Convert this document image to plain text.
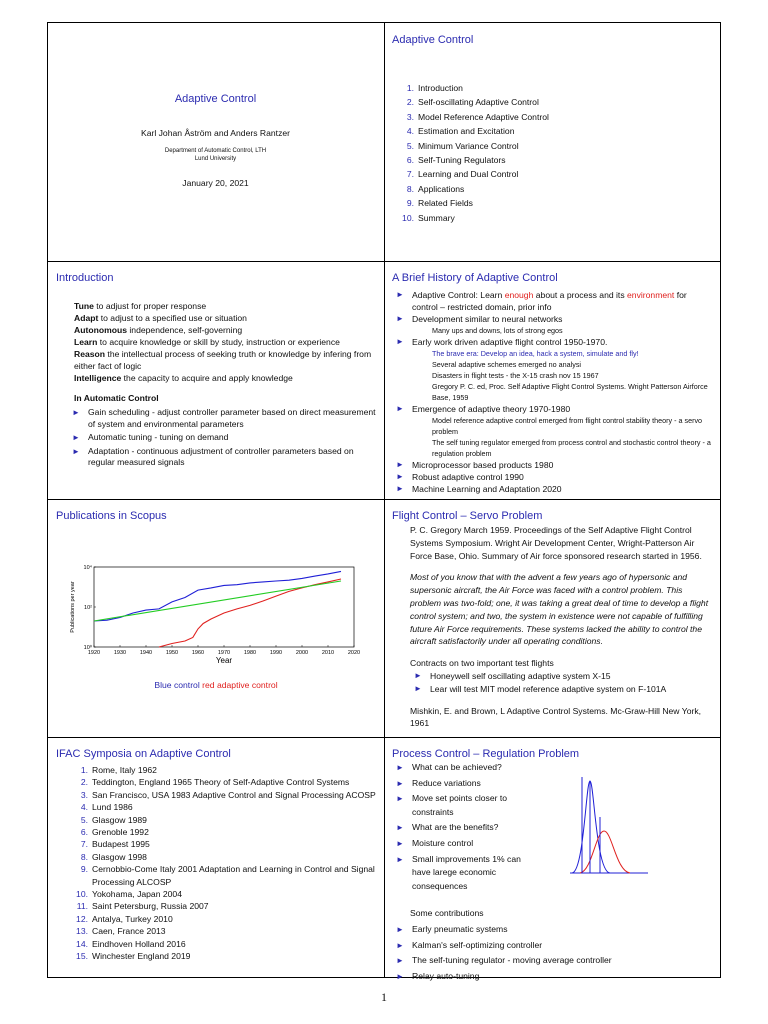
Adaptive Control
Karl Johan Åström and Anders Rantzer
Department of Automatic Control, LTH
Lund University
January 20, 2021
Adaptive Control
1. Introduction
2. Self-oscillating Adaptive Control
3. Model Reference Adaptive Control
4. Estimation and Excitation
5. Minimum Variance Control
6. Self-Tuning Regulators
7. Learning and Dual Control
8. Applications
9. Related Fields
10. Summary
Introduction
Tune to adjust for proper response
Adapt to adjust to a specified use or situation
Autonomous independence, self-governing
Learn to acquire knowledge or skill by study, instruction or experience
Reason the intellectual process of seeking truth or knowledge by infering from either fact of logic
Intelligence the capacity to acquire and apply knowledge
In Automatic Control
► Gain scheduling - adjust controller parameter based on direct measurement of system and environmental parameters
► Automatic tuning - tuning on demand
► Adaptation - continuous adjustment of controller parameters based on regular measured signals
A Brief History of Adaptive Control
► Adaptive Control: Learn enough about a process and its environment for control – restricted domain, prior info
► Development similar to neural networks
Many ups and downs, lots of strong egos
► Early work driven adaptive flight control 1950-1970.
The brave era: Develop an idea, hack a system, simulate and fly!
Several adaptive schemes emerged no analysi
Disasters in flight tests - the X-15 crash nov 15 1967
Gregory P. C. ed, Proc. Self Adaptive Flight Control Systems. Wright Patterson Airforce Base, 1959
► Emergence of adaptive theory 1970-1980
Model reference adaptive control emerged from flight control stability theory - a servo problem
The self tuning regulator emerged from process control and stochastic control theory - a regulation problem
► Microprocessor based products 1980
► Robust adaptive control 1990
► Machine Learning and Adaptation 2020
Publications in Scopus
1920	1930	1940	1950	1960	1970	1980	1990	2000	2010	2020
10⁰
10²
10⁴
Year
Publications per year
Blue control red adaptive control
Flight Control – Servo Problem
P. C. Gregory March 1959. Proceedings of the Self Adaptive Flight Control Systems Symposium. Wright Air Development Center, Wright-Patterson Air Force Base, Ohio. Summary of Air force sponsored research started in 1956.
Most of you know that with the advent a few years ago of hypersonic and supersonic aircraft, the Air Force was faced with a control problem. This problem was two-fold; one, it was taking a great deal of time to develop a flight control system; and two, the system in existence were not capable of fulfilling future Air Force requirements. These systems lacked the ability to control the aircraft satisfactorily under all operating conditions.
Contracts on two important test flights
► Honeywell self oscillating adaptive system X-15
► Lear will test MIT model reference adaptive system on F-101A
Mishkin, E. and Brown, L Adaptive Control Systems. Mc-Graw-Hill New York, 1961
IFAC Symposia on Adaptive Control
1. Rome, Italy 1962
2. Teddington, England 1965 Theory of Self-Adaptive Control Systems
3. San Francisco, USA 1983 Adaptive Control and Signal Processing ACOSP
4. Lund 1986
5. Glasgow 1989
6. Grenoble 1992
7. Budapest 1995
8. Glasgow 1998
9. Cernobbio-Come Italy 2001 Adaptation and Learning in Control and Signal Processing ALCOSP
10. Yokohama, Japan 2004
11. Saint Petersburg, Russia 2007
12. Antalya, Turkey 2010
13. Caen, France 2013
14. Eindhoven Holland 2016
15. Winchester England 2019
Process Control – Regulation Problem
► What can be achieved?
► Reduce variations
► Move set points closer to constraints
► What are the benefits?
► Moisture control
► Small improvements 1% can have larege economic consequences
Some contributions
► Early pneumatic systems
► Kalman's self-optimizing controller
► The self-tuning regulator - moving average controller
► Relay auto-tuning
1
